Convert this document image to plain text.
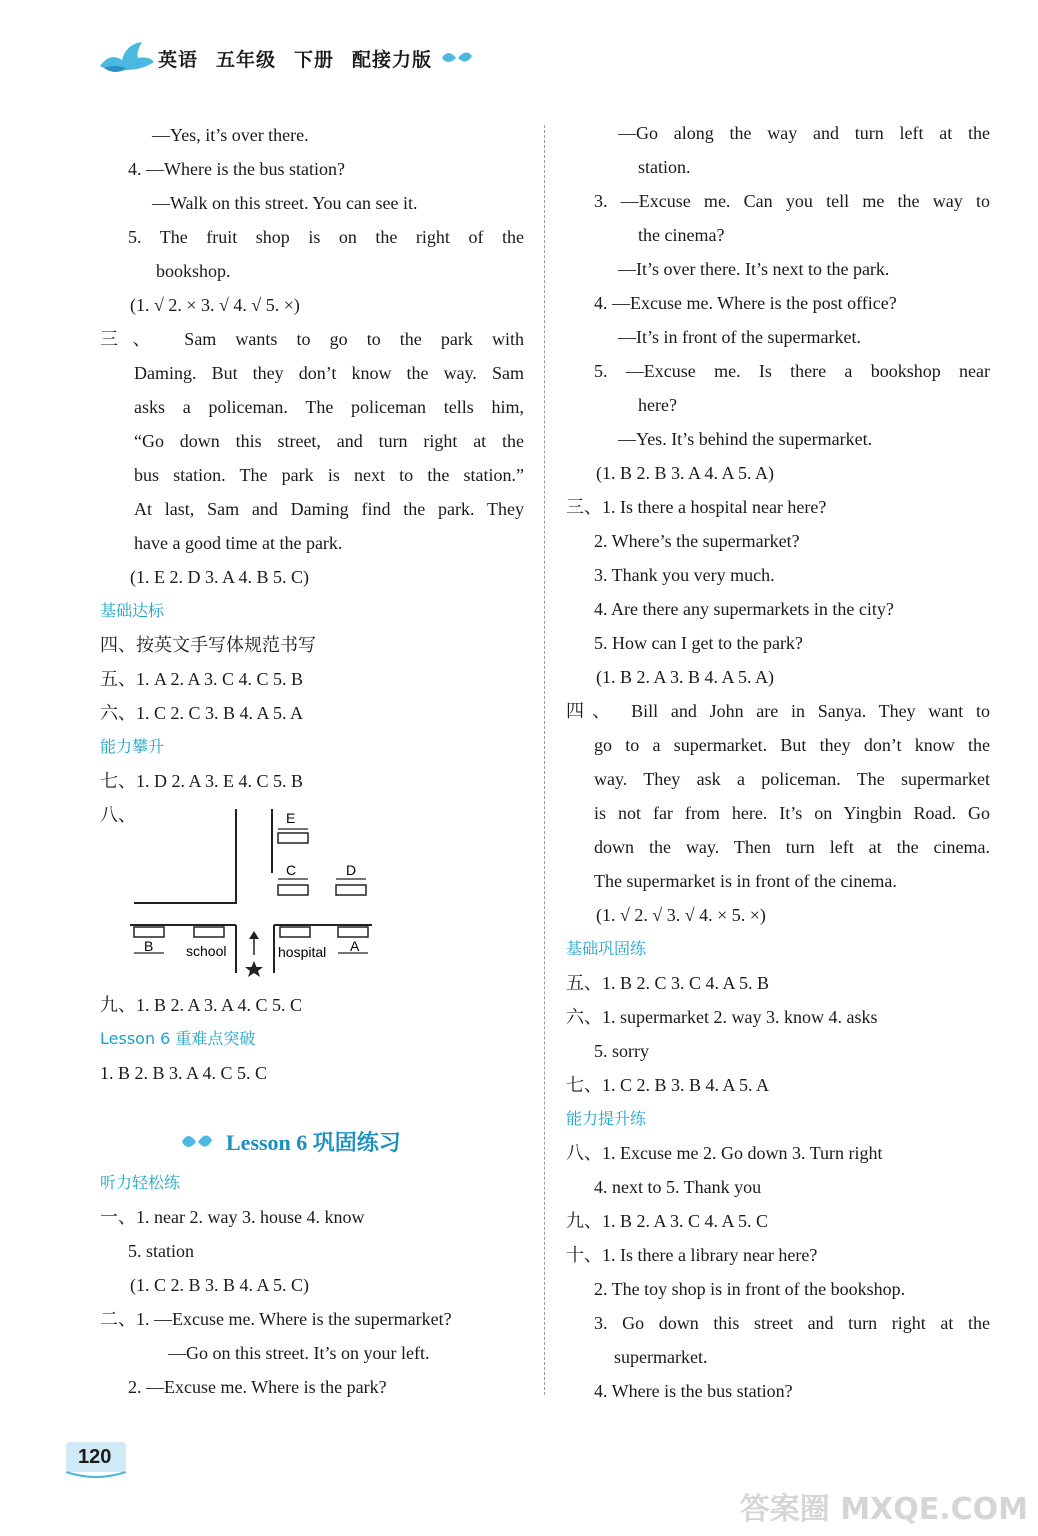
英语 五年级 下册 配接力版
—Yes, it’s over there.
4. —Where is the bus station?
—Walk on this street. You can see it.
5. The fruit shop is on the right of the
bookshop.
(1. √ 2. × 3. √ 4. √ 5. ×)
三、 Sam wants to go to the park with
Daming. But they don’t know the way. Sam
asks a policeman. The policeman tells him,
“Go down this street, and turn right at the
bus station. The park is next to the station.”
At last, Sam and Daming find the park. They
have a good time at the park.
(1. E 2. D 3. A 4. B 5. C)
基础达标
四、按英文手写体规范书写
五、1. A 2. A 3. C 4. C 5. B
六、1. C 2. C 3. B 4. A 5. A
能力攀升
七、1. D 2. A 3. E 4. C 5. B
八、
九、1. B 2. A 3. A 4. C 5. C
Lesson 6 重难点突破
1. B 2. B 3. A 4. C 5. C
听力轻松练
一、1. near 2. way 3. house 4. know
5. station
(1. C 2. B 3. B 4. A 5. C)
二、1. —Excuse me. Where is the supermarket?
—Go on this street. It’s on your left.
2. —Excuse me. Where is the park?
E
C	D
B school	hospital A
Lesson 6 巩固练习
—Go along the way and turn left at the
station.
3. —Excuse me. Can you tell me the way to
the cinema?
—It’s over there. It’s next to the park.
4. —Excuse me. Where is the post office?
—It’s in front of the supermarket.
5. —Excuse me. Is there a bookshop near
here?
—Yes. It’s behind the supermarket.
(1. B 2. B 3. A 4. A 5. A)
三、1. Is there a hospital near here?
2. Where’s the supermarket?
3. Thank you very much.
4. Are there any supermarkets in the city?
5. How can I get to the park?
(1. B 2. A 3. B 4. A 5. A)
四、 Bill and John are in Sanya. They want to
go to a supermarket. But they don’t know the
way. They ask a policeman. The supermarket
is not far from here. It’s on Yingbin Road. Go
down the way. Then turn left at the cinema.
The supermarket is in front of the cinema.
(1. √ 2. √ 3. √ 4. × 5. ×)
基础巩固练
五、1. B 2. C 3. C 4. A 5. B
六、1. supermarket 2. way 3. know 4. asks
5. sorry
七、1. C 2. B 3. B 4. A 5. A
能力提升练
八、1. Excuse me 2. Go down 3. Turn right
4. next to 5. Thank you
九、1. B 2. A 3. C 4. A 5. C
十、1. Is there a library near here?
2. The toy shop is in front of the bookshop.
3. Go down this street and turn right at the
supermarket.
4. Where is the bus station?
120
答案圈 MXQE.COM
